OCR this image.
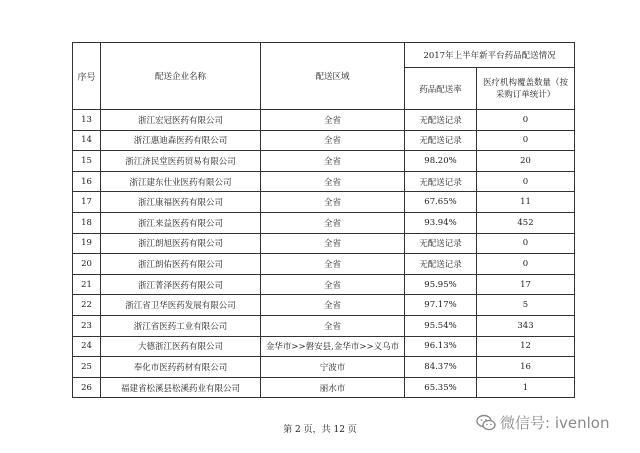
序号	配送企业名称	配送区域	2017年上半年新平台药品配送情况	
			药品配送率	医疗机构覆盖数量（按采购订单统计）
13	浙江宏冠医药有限公司	全省	无配送记录	0
14	浙江惠迪森医药有限公司	全省	无配送记录	0
15	浙江济民堂医药贸易有限公司	全省	98.20%	20
16	浙江建东仕业医药有限公司	全省	无配送记录	0
17	浙江康福医药有限公司	全省	67.65%	11
18	浙江来益医药有限公司	全省	93.94%	452
19	浙江朗旭医药有限公司	全省	无配送记录	0
20	浙江朗佑医药有限公司	全省	无配送记录	0
21	浙江菁泽医药有限公司	全省	95.95%	17
22	浙江省卫华医药发展有限公司	全省	97.17%	5
23	浙江省医药工业有限公司	全省	95.54%	343
24	大德浙江医药有限公司	金华市>>磐安县,金华市>>义乌市	96.13%	12
25	奉化市医药药材有限公司	宁波市	84.37%	16
26	福建省松溪县松溪药业有限公司	丽水市	65.35%	1
第 2 页，共 12 页	微信号: ivenlon
